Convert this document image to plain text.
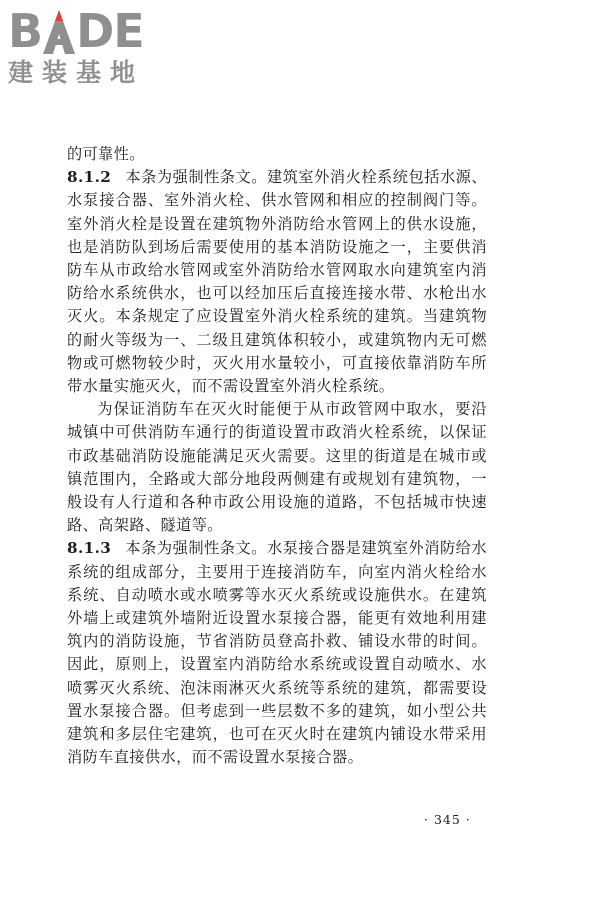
B DE
建装基地

的可靠性。

8.1.2 本条为强制性条文。建筑室外消火栓系统包括水源、水泵接合器、室外消火栓、供水管网和相应的控制阀门等。室外消火栓是设置在建筑物外消防给水管网上的供水设施，也是消防队到场后需要使用的基本消防设施之一，主要供消防车从市政给水管网或室外消防给水管网取水向建筑室内消防给水系统供水，也可以经加压后直接连接水带、水枪出水灭火。本条规定了应设置室外消火栓系统的建筑。当建筑物的耐火等级为一、二级且建筑体积较小，或建筑物内无可燃物或可燃物较少时，灭火用水量较小，可直接依靠消防车所带水量实施灭火，而不需设置室外消火栓系统。

为保证消防车在灭火时能便于从市政管网中取水，要沿城镇中可供消防车通行的街道设置市政消火栓系统，以保证市政基础消防设施能满足灭火需要。这里的街道是在城市或镇范围内，全路或大部分地段两侧建有或规划有建筑物，一般设有人行道和各种市政公用设施的道路，不包括城市快速路、高架路、隧道等。

8.1.3 本条为强制性条文。水泵接合器是建筑室外消防给水系统的组成部分，主要用于连接消防车，向室内消火栓给水系统、自动喷水或水喷雾等水灭火系统或设施供水。在建筑外墙上或建筑外墙附近设置水泵接合器，能更有效地利用建筑内的消防设施，节省消防员登高扑救、铺设水带的时间。因此，原则上，设置室内消防给水系统或设置自动喷水、水喷雾灭火系统、泡沫雨淋灭火系统等系统的建筑，都需要设置水泵接合器。但考虑到一些层数不多的建筑，如小型公共建筑和多层住宅建筑，也可在灭火时在建筑内铺设水带采用消防车直接供水，而不需设置水泵接合器。

· 345 ·
